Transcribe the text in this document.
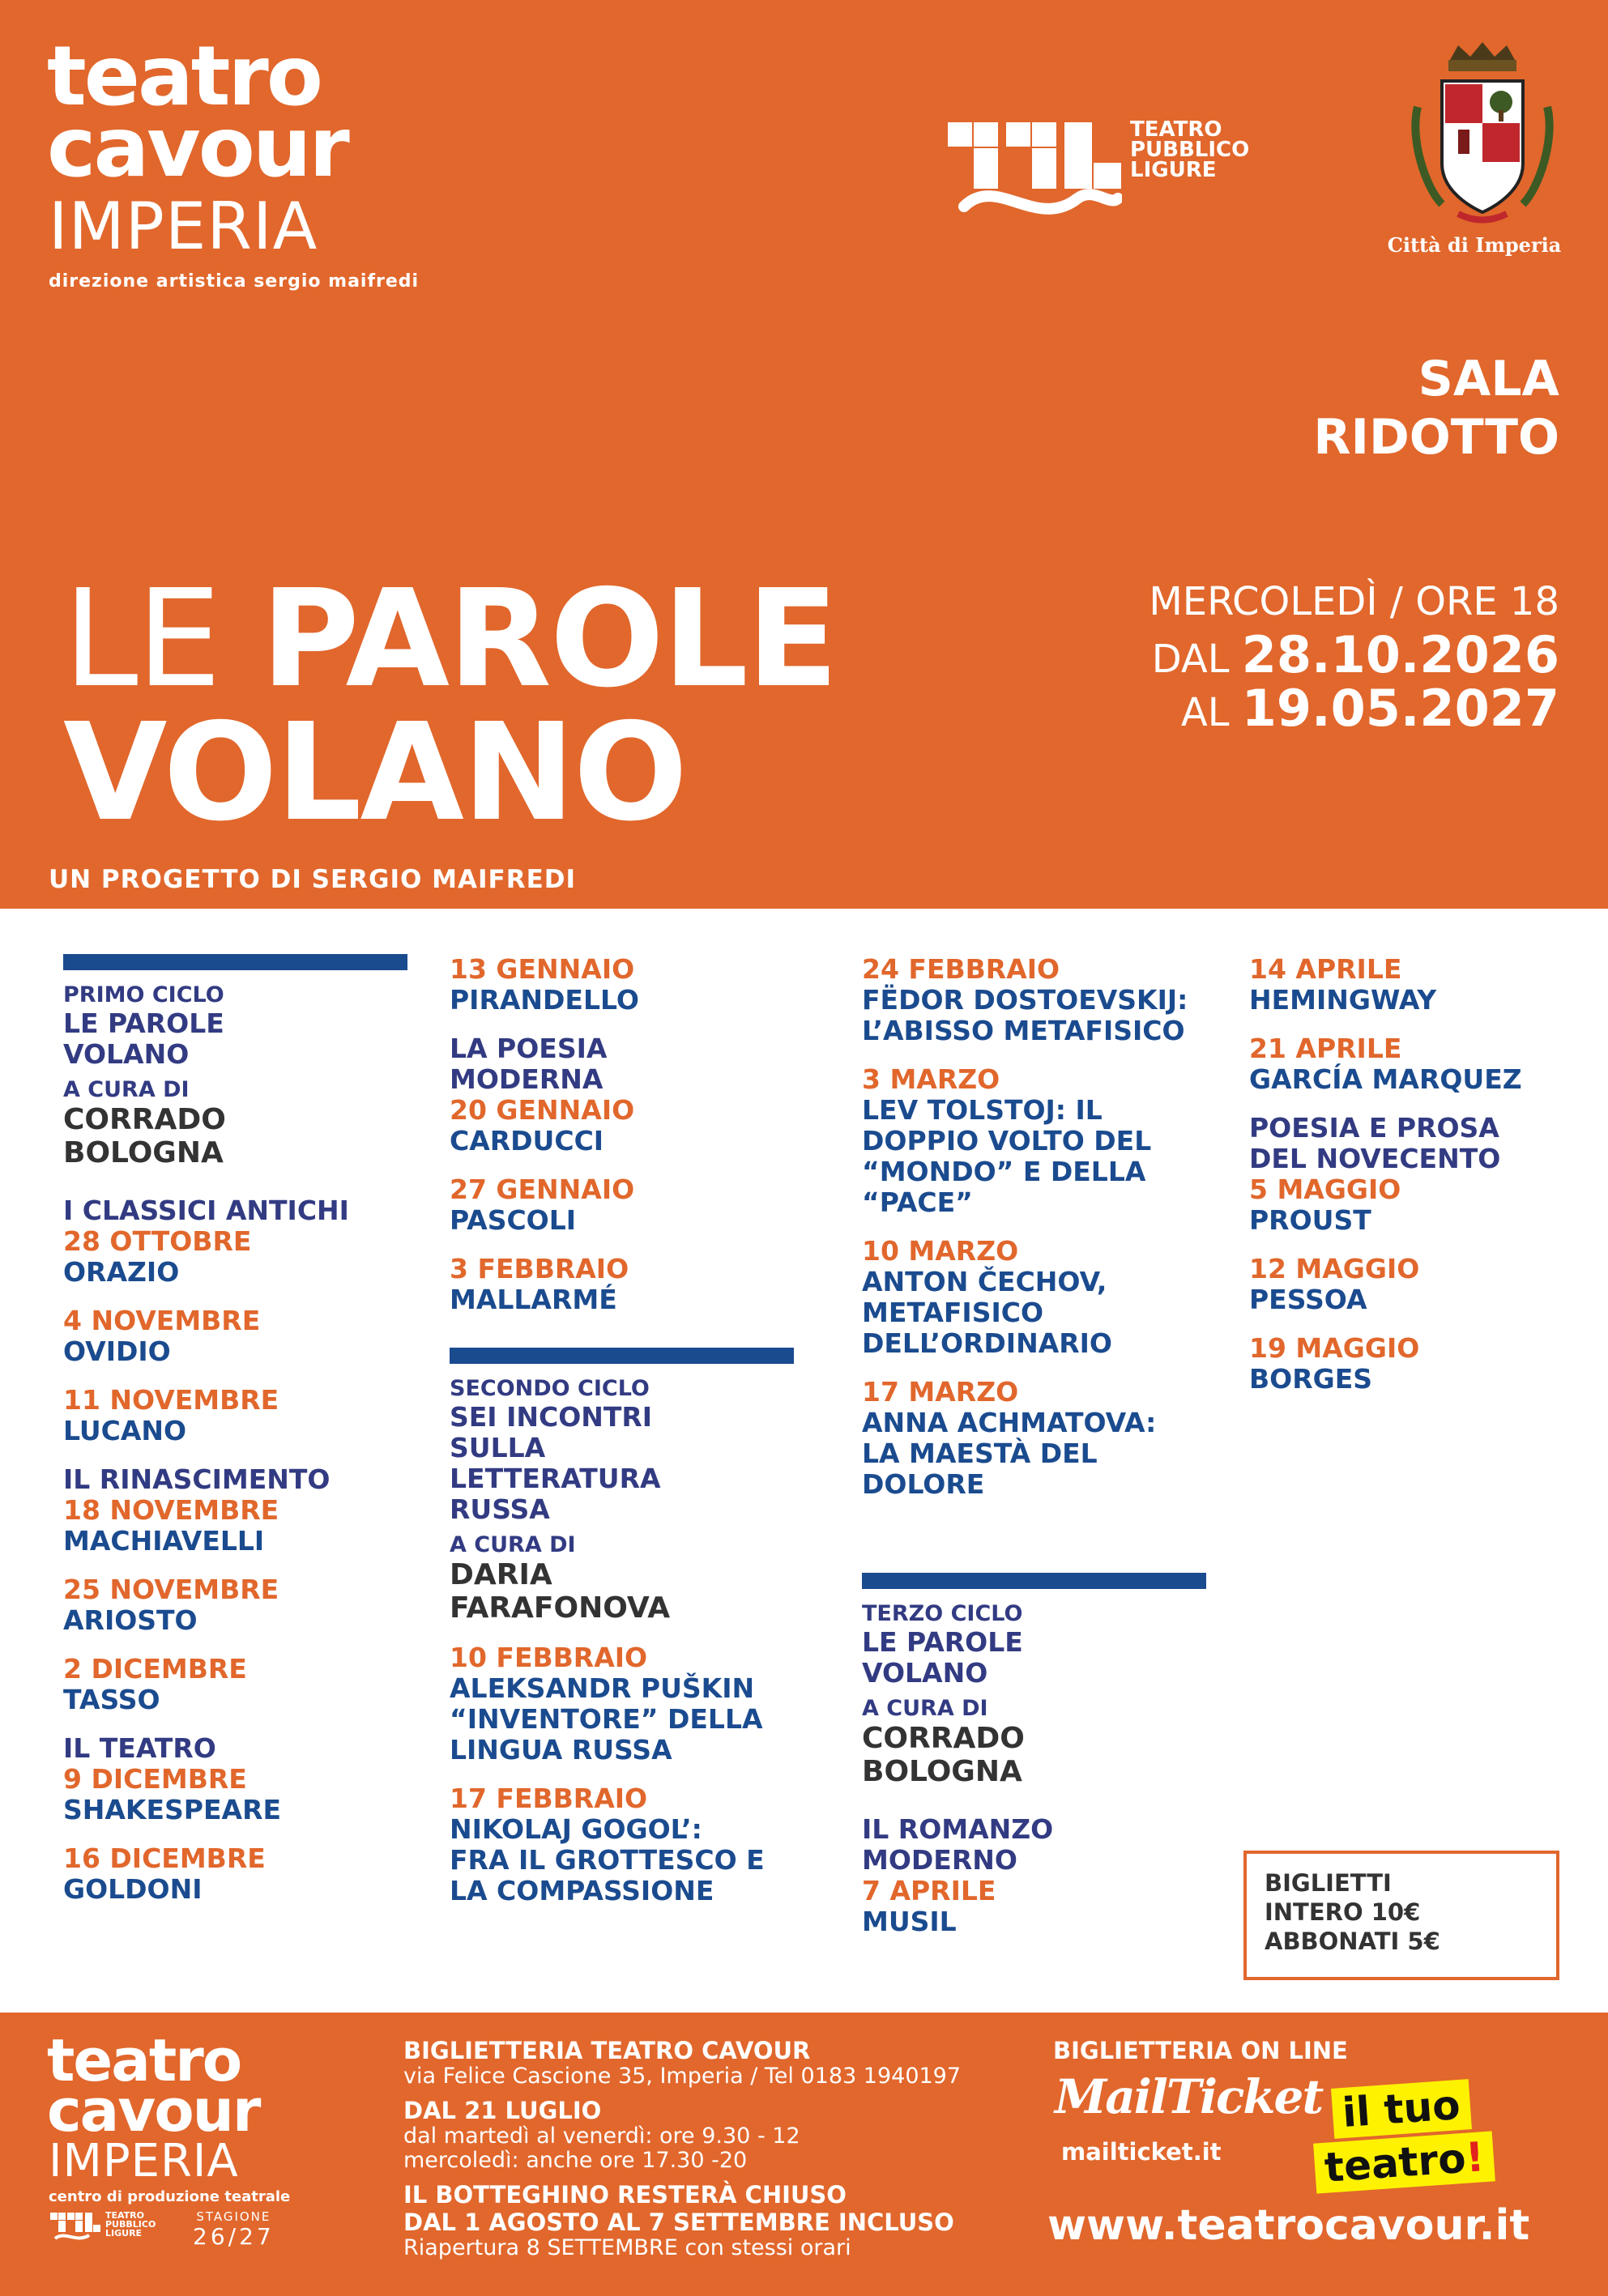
teatro
cavour
IMPERIA
direzione artistica sergio maifredi
TEATRO
PUBBLICO
LIGURE
Città di Imperia
SALA
RIDOTTO
LE PAROLE
VOLANO
UN PROGETTO DI SERGIO MAIFREDI
MERCOLEDÌ / ORE 18
DAL 28.10.2026
AL 19.05.2027
PRIMO CICLO
LE PAROLE
VOLANO
A CURA DI
CORRADO
BOLOGNA
I CLASSICI ANTICHI
28 OTTOBRE
ORAZIO
4 NOVEMBRE
OVIDIO
11 NOVEMBRE
LUCANO
IL RINASCIMENTO
18 NOVEMBRE
MACHIAVELLI
25 NOVEMBRE
ARIOSTO
2 DICEMBRE
TASSO
IL TEATRO
9 DICEMBRE
SHAKESPEARE
16 DICEMBRE
GOLDONI
13 GENNAIO
PIRANDELLO
LA POESIA
MODERNA
20 GENNAIO
CARDUCCI
27 GENNAIO
PASCOLI
3 FEBBRAIO
MALLARMÉ
SECONDO CICLO
SEI INCONTRI
SULLA
LETTERATURA
RUSSA
A CURA DI
DARIA
FARAFONOVA
10 FEBBRAIO
ALEKSANDR PUŠKIN
“INVENTORE” DELLA
LINGUA RUSSA
17 FEBBRAIO
NIKOLAJ GOGOL’:
FRA IL GROTTESCO E
LA COMPASSIONE
24 FEBBRAIO
FËDOR DOSTOEVSKIJ:
L’ABISSO METAFISICO
3 MARZO
LEV TOLSTOJ: IL
DOPPIO VOLTO DEL
“MONDO” E DELLA
“PACE”
10 MARZO
ANTON ČECHOV,
METAFISICO
DELL’ORDINARIO
17 MARZO
ANNA ACHMATOVA:
LA MAESTÀ DEL
DOLORE
TERZO CICLO
LE PAROLE
VOLANO
A CURA DI
CORRADO
BOLOGNA
IL ROMANZO
MODERNO
7 APRILE
MUSIL
14 APRILE
HEMINGWAY
21 APRILE
GARCÍA MARQUEZ
POESIA E PROSA
DEL NOVECENTO
5 MAGGIO
PROUST
12 MAGGIO
PESSOA
19 MAGGIO
BORGES
BIGLIETTI
INTERO 10€
ABBONATI 5€
teatro
cavour
IMPERIA
centro di produzione teatrale
TEATRO
PUBBLICO
LIGURE
STAGIONE
26/27
BIGLIETTERIA TEATRO CAVOUR
via Felice Cascione 35, Imperia / Tel 0183 1940197
DAL 21 LUGLIO
dal martedì al venerdì: ore 9.30 - 12
mercoledì: anche ore 17.30 -20
IL BOTTEGHINO RESTERÀ CHIUSO
DAL 1 AGOSTO AL 7 SETTEMBRE INCLUSO
Riapertura 8 SETTEMBRE con stessi orari
BIGLIETTERIA ON LINE
MailTicket
mailticket.it
il tuo
teatro!
www.teatrocavour.it
